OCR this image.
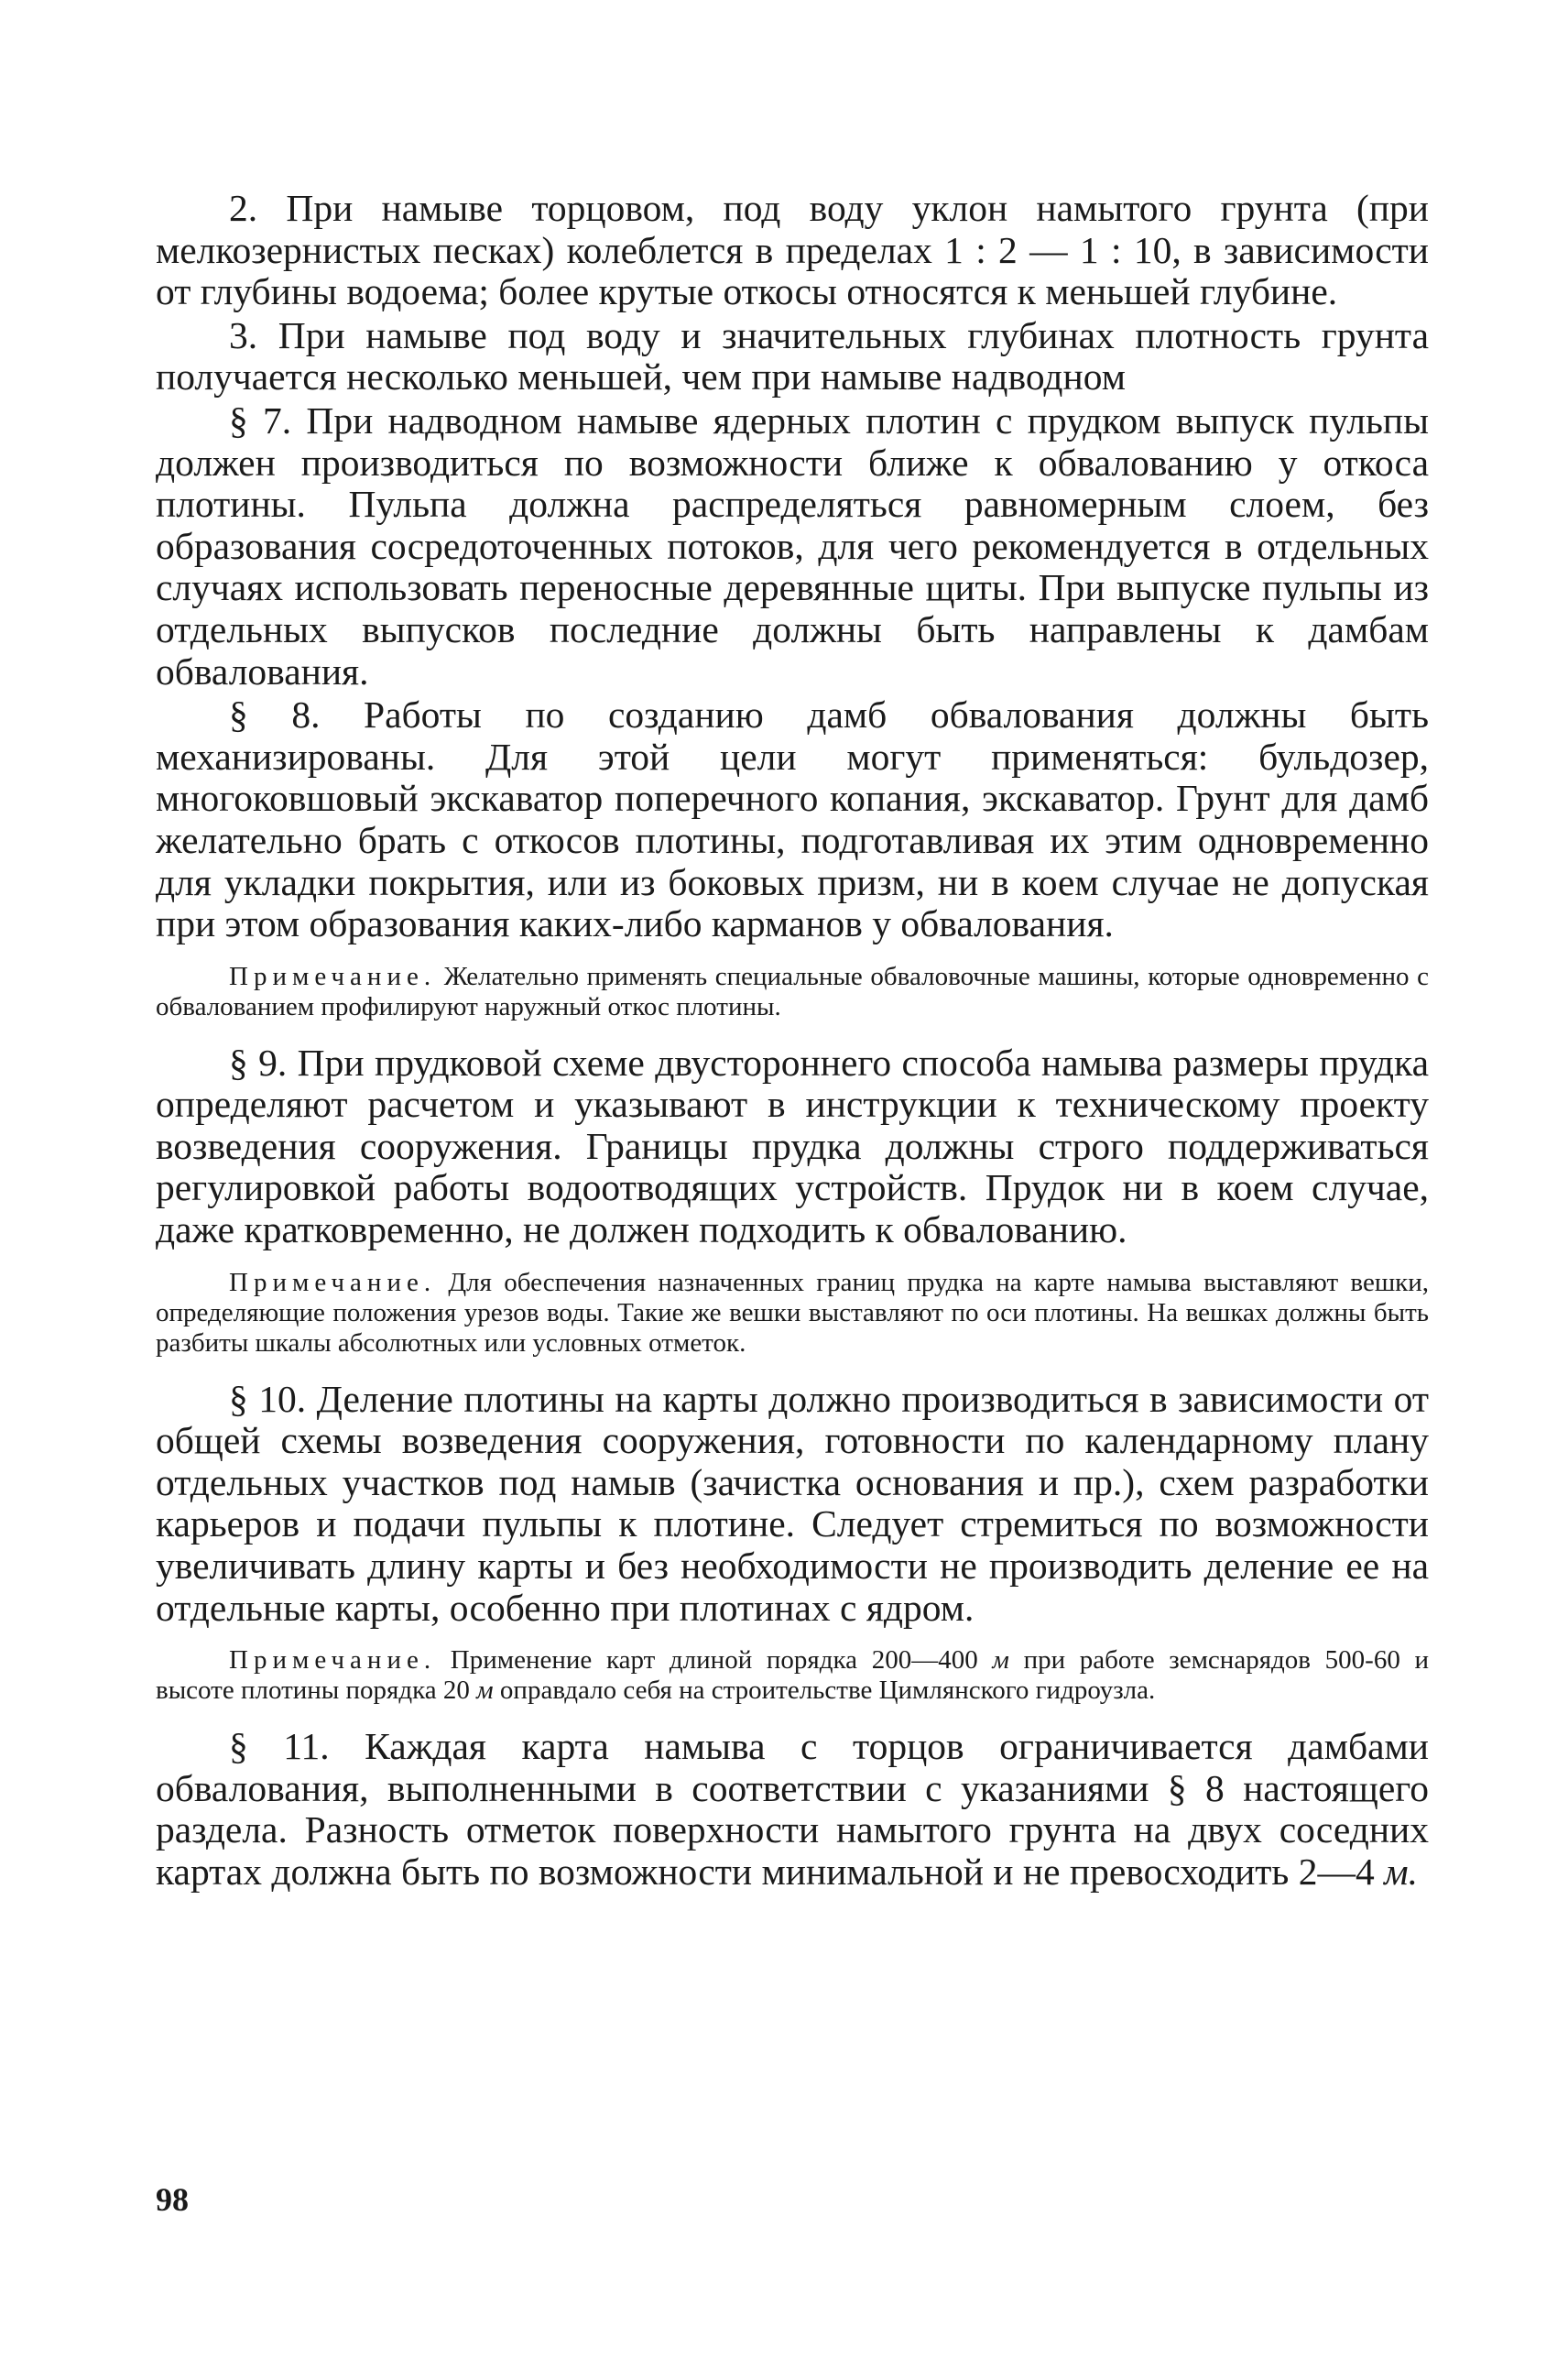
2. При намыве торцовом, под воду уклон намытого грунта (при мелкозернистых песках) колеблется в пределах 1 : 2 — 1 : 10, в зависимости от глубины водоема; более крутые откосы относятся к меньшей глубине.

3. При намыве под воду и значительных глубинах плотность грунта получается несколько меньшей, чем при намыве надводном

§ 7. При надводном намыве ядерных плотин с прудком выпуск пульпы должен производиться по возможности ближе к обвалованию у откоса плотины. Пульпа должна распределяться равномерным слоем, без образования сосредоточенных потоков, для чего рекомендуется в отдельных случаях использовать переносные деревянные щиты. При выпуске пульпы из отдельных выпусков последние должны быть направлены к дамбам обвалования.

§ 8. Работы по созданию дамб обвалования должны быть механизированы. Для этой цели могут применяться: бульдозер, многоковшовый экскаватор поперечного копания, экскаватор. Грунт для дамб желательно брать с откосов плотины, подготавливая их этим одновременно для укладки покрытия, или из боковых призм, ни в коем случае не допуская при этом образования каких-либо карманов у обвалования.

Примечание. Желательно применять специальные обваловочные машины, которые одновременно с обвалованием профилируют наружный откос плотины.

§ 9. При прудковой схеме двустороннего способа намыва размеры прудка определяют расчетом и указывают в инструкции к техническому проекту возведения сооружения. Границы прудка должны строго поддерживаться регулировкой работы водоотводящих устройств. Прудок ни в коем случае, даже кратковременно, не должен подходить к обвалованию.

Примечание. Для обеспечения назначенных границ прудка на карте намыва выставляют вешки, определяющие положения урезов воды. Такие же вешки выставляют по оси плотины. На вешках должны быть разбиты шкалы абсолютных или условных отметок.

§ 10. Деление плотины на карты должно производиться в зависимости от общей схемы возведения сооружения, готовности по календарному плану отдельных участков под намыв (зачистка основания и пр.), схем разработки карьеров и подачи пульпы к плотине. Следует стремиться по возможности увеличивать длину карты и без необходимости не производить деление ее на отдельные карты, особенно при плотинах с ядром.

Примечание. Применение карт длиной порядка 200—400 м при работе земснарядов 500-60 и высоте плотины порядка 20 м оправдало себя на строительстве Цимлянского гидроузла.

§ 11. Каждая карта намыва с торцов ограничивается дамбами обвалования, выполненными в соответствии с указаниями § 8 настоящего раздела. Разность отметок поверхности намытого грунта на двух соседних картах должна быть по возможности минимальной и не превосходить 2—4 м.

98
